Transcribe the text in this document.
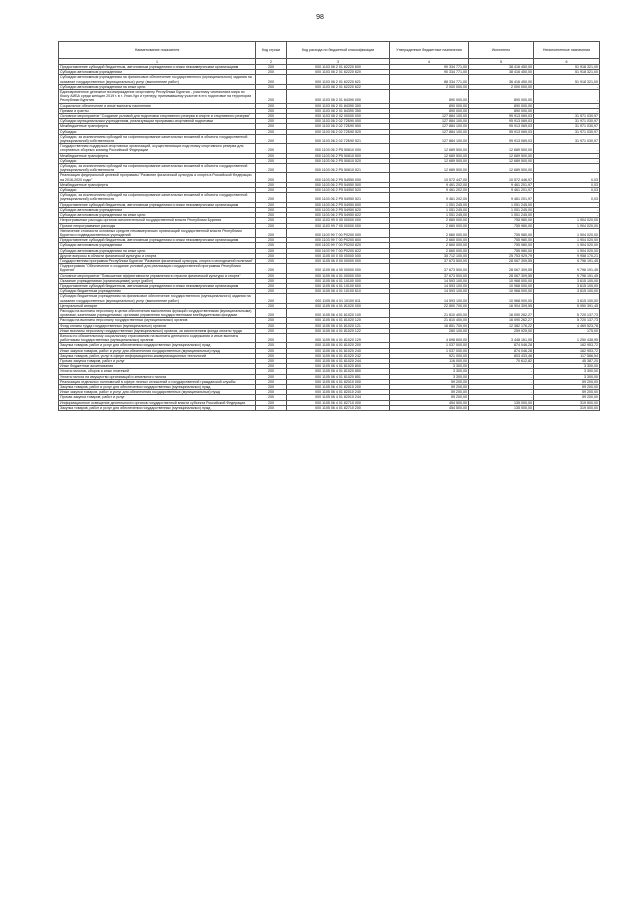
98
Наименование показателя	Код строки	Код расхода по бюджетной классификации	Утвержденные бюджетные назначения	Исполнено	Неисполненные назначения
1	2	3	4	5	6
Предоставление субсидий бюджетным, автономным учреждениям и иным некоммерческим организациям	200	000 1103 06 2 01 62220 600	90 334 771,00	38 416 450,00	51 918 321,00
Субсидии автономным учреждениям	200	000 1103 06 2 01 62220 620	90 334 771,00	38 416 450,00	51 918 321,00
Субсидии автономным учреждениям на финансовое обеспечение государственного (муниципального) задания на оказание государственных (муниципальных) услуг (выполнение работ)	200	000 1103 06 2 01 62220 621	88 334 771,00	36 416 450,00	51 918 321,00
Субсидии автономным учреждениям на иные цели	200	000 1103 06 2 01 62220 622	2 000 000,00	2 000 000,00	-
Единовременное денежное вознаграждение спортсмену Республики Бурятия - участнику чемпионата мира по боксу АИБА среди женщин 2019 г. в г. Улан-Удэ и тренеру, принимавшему участие в его подготовке на территории Республики Бурятия	200	000 1103 06 2 01 84390 000	890 000,00	890 000,00	-
Социальное обеспечение и иные выплаты населению	200	000 1103 06 2 01 84390 300	890 000,00	890 000,00	-
Премии и гранты	200	000 1103 06 2 01 84390 350	890 000,00	890 000,00	-
Основное мероприятие "Создание условий для подготовки спортивного резерва в спорте и спортивного резерва"	200	000 1103 06 2 02 00000 000	127 884 100,00	95 913 069,03	31 971 030,97
Субсидии муниципальным учреждениям, реализующим программы спортивной подготовки	200	000 1103 06 2 02 72Б90 000	127 884 100,00	95 913 069,03	31 971 030,97
Межбюджетные трансферты	200	000 1103 06 2 02 72Б90 500	127 884 100,00	95 913 069,03	31 971 030,97
Субсидии	200	000 1103 06 2 02 72Б90 520	127 884 100,00	95 913 069,03	31 971 030,97
Субсидии, за исключением субсидий на софинансирование капитальных вложений в объекты государственной (муниципальной) собственности	200	000 1103 06 2 02 72Б90 521	127 884 100,00	95 913 069,03	31 971 030,97
Государственная поддержка спортивных организаций, осуществляющих подготовку спортивного резерва для спортивных сборных команд Российской Федерации	200	000 1103 06 2 P5 50810 000	12 689 500,00	12 689 500,00	-
Межбюджетные трансферты	200	000 1103 06 2 P5 50810 500	12 689 500,00	12 689 500,00	-
Субсидии	200	000 1103 06 2 P5 50810 520	12 689 500,00	12 689 500,00	-
Субсидии, за исключением субсидий на софинансирование капитальных вложений в объекты государственной (муниципальной) собственности	200	000 1103 06 2 P5 50810 521	12 689 500,00	12 689 500,00	-
Реализация федеральной целевой программы "Развитие физической культуры и спорта в Российской Федерации на 2016-2020 годы"	200	000 1103 06 2 P5 54950 000	10 572 447,00	10 572 446,97	0,03
Межбюджетные трансферты	200	000 1103 06 2 P5 54950 500	9 461 202,00	9 461 201,97	0,03
Субсидии	200	000 1103 06 2 P5 54950 520	9 461 202,00	9 461 201,97	0,03
Субсидии, за исключением субсидий на софинансирование капитальных вложений в объекты государственной (муниципальной) собственности	200	000 1103 06 2 P5 54950 521	9 461 202,00	9 461 201,97	0,03
Предоставление субсидий бюджетным, автономным учреждениям и иным некоммерческим организациям	200	000 1103 06 2 P5 54950 600	1 051 245,00	1 051 245,00	-
Субсидии автономным учреждениям	200	000 1103 06 2 P5 54950 620	1 051 245,00	1 051 245,00	-
Субсидии автономным учреждениям на иные цели	200	000 1103 06 2 P5 54950 622	1 051 245,00	1 051 245,00	-
Непрограммные расходы органов исполнительной государственной власти Республики Бурятия	200	000 1103 99 0 00 00000 000	2 660 000,00	755 980,00	1 904 020,00
Прочие непрограммные расходы	200	000 1103 99 7 00 00000 000	2 660 000,00	755 980,00	1 904 020,00
Увеличение стоимости основных средств некоммерческих организаций государственной власти Республики Бурятия и подведомственных учреждений	200	000 1103 99 7 00 P0200 000	2 660 000,00	755 980,00	1 904 020,00
Предоставление субсидий бюджетным, автономным учреждениям и иным некоммерческим организациям	200	000 1103 99 7 00 P0200 600	2 660 000,00	755 980,00	1 904 020,00
Субсидии автономным учреждениям	200	000 1103 99 7 00 P0200 620	2 660 000,00	755 980,00	1 904 020,00
Субсидии автономным учреждениям на иные цели	200	000 1103 99 7 00 P0200 622	2 660 000,00	755 980,00	1 904 020,00
Другие вопросы в области физической культуры и спорта	200	000 1105 00 0 00 00000 000	35 712 100,00	25 753 929,79	9 958 170,21
Государственная программа Республики Бурятия "Развитие физической культуры, спорта и молодежной политики"	200	000 1105 06 0 00 00000 000	37 673 500,00	28 067 309,55	9 796 191,45
Подпрограмма "Обеспечение и создание условий для реализации государственной программы Республики Бурятия"	200	000 1105 06 4 00 00000 000	37 673 500,00	28 067 309,55	9 796 191,45
Основное мероприятие "Повышение эффективности управления в отрасли физической культуры и спорта"	200	000 1105 06 4 01 00000 000	37 673 500,00	28 067 309,55	9 796 191,45
Оказание учреждениями (организациями) услуг (работ)	200	000 1105 06 4 01 10100 000	14 593 100,00	10 968 000,00	3 615 100,00
Предоставление субсидий бюджетным, автономным учреждениям и иным некоммерческим организациям	200	000 1105 06 4 01 10100 600	14 593 100,00	10 968 000,00	3 615 100,00
Субсидии бюджетным учреждениям	200	000 1105 06 4 01 10100 610	14 593 100,00	10 968 000,00	3 615 100,00
Субсидии бюджетным учреждениям на финансовое обеспечение государственного (муниципального) задания на оказание государственных (муниципальных) услуг (выполнение работ)	200	000 1105 06 4 01 10100 611	14 593 100,00	10 968 000,00	3 615 100,00
Центральный аппарат	200	000 1105 06 4 01 81020 000	22 850 700,00	16 904 309,55	5 950 391,45
Расходы на выплаты персоналу в целях обеспечения выполнения функций государственными (муниципальными) органами, казенными учреждениями, органами управления государственными внебюджетными фондами	200	000 1105 06 4 01 81020 100	21 810 400,00	16 090 262,27	5 720 137,73
Расходы на выплаты персоналу государственных (муниципальных) органов	200	000 1105 06 4 01 81020 120	21 810 400,00	16 090 262,27	5 720 137,73
Фонд оплаты труда государственных (муниципальных) органов	200	000 1105 06 4 01 81020 121	16 851 700,00	12 382 176,22	4 469 523,78
Иные выплаты персоналу государственных (муниципальных) органов, за исключением фонда оплаты труда	200	000 1105 06 4 01 81020 122	260 100,00	259 925,00	175,00
Взносы по обязательному социальному страхованию на выплаты денежного содержания и иные выплаты работникам государственных (муниципальных) органов	200	000 1105 06 4 01 81020 129	4 698 600,00	3 448 161,05	1 250 438,95
Закупка товаров, работ и услуг для обеспечения государственных (муниципальных) нужд	200	000 1105 06 4 01 81020 200	1 037 000,00	874 046,28	162 953,72
Иные закупки товаров, работ и услуг для обеспечения государственных (муниципальных) нужд	200	000 1105 06 4 01 81020 240	1 037 000,00	874 046,28	162 953,72
Закупка товаров, работ, услуг в сфере информационно-коммуникационных технологий	200	000 1105 06 4 01 81020 242	921 000,00	803 433,46	117 566,54
Прочая закупка товаров, работ и услуг	200	000 1105 06 4 01 81020 244	116 000,00	70 612,82	45 387,20
Иные бюджетные ассигнования	200	000 1105 06 4 01 81020 800	3 300,00	-	3 300,00
Уплата налогов, сборов и иных платежей	200	000 1105 06 4 01 81020 850	3 300,00	-	3 300,00
Уплата налога на имущество организаций и земельного налога	200	000 1105 06 4 01 81020 851	3 300,00	-	3 300,00
Реализация отдельных полномочий в сфере лесных отношений и государственной гражданской службы	200	000 1105 06 4 01 82010 000	59 200,00	-	59 200,00
Закупка товаров, работ и услуг для обеспечения государственных (муниципальных) нужд	200	000 1105 06 4 01 82010 200	59 200,00	-	59 200,00
Иные закупки товаров, работ и услуг для обеспечения государственных (муниципальных) нужд	200	000 1105 06 4 01 82010 240	59 200,00	-	59 200,00
Прочая закупка товаров, работ и услуг	200	000 1105 06 4 01 82010 244	59 200,00	-	59 200,00
Информационное освещение деятельности органов государственной власти субъекта Российской Федерации	200	000 1105 06 4 01 82710 000	454 500,00	135 000,00	319 500,00
Закупка товаров, работ и услуг для обеспечения государственных (муниципальных) нужд	200	000 1105 06 4 01 82710 200	454 500,00	135 000,00	319 500,00
